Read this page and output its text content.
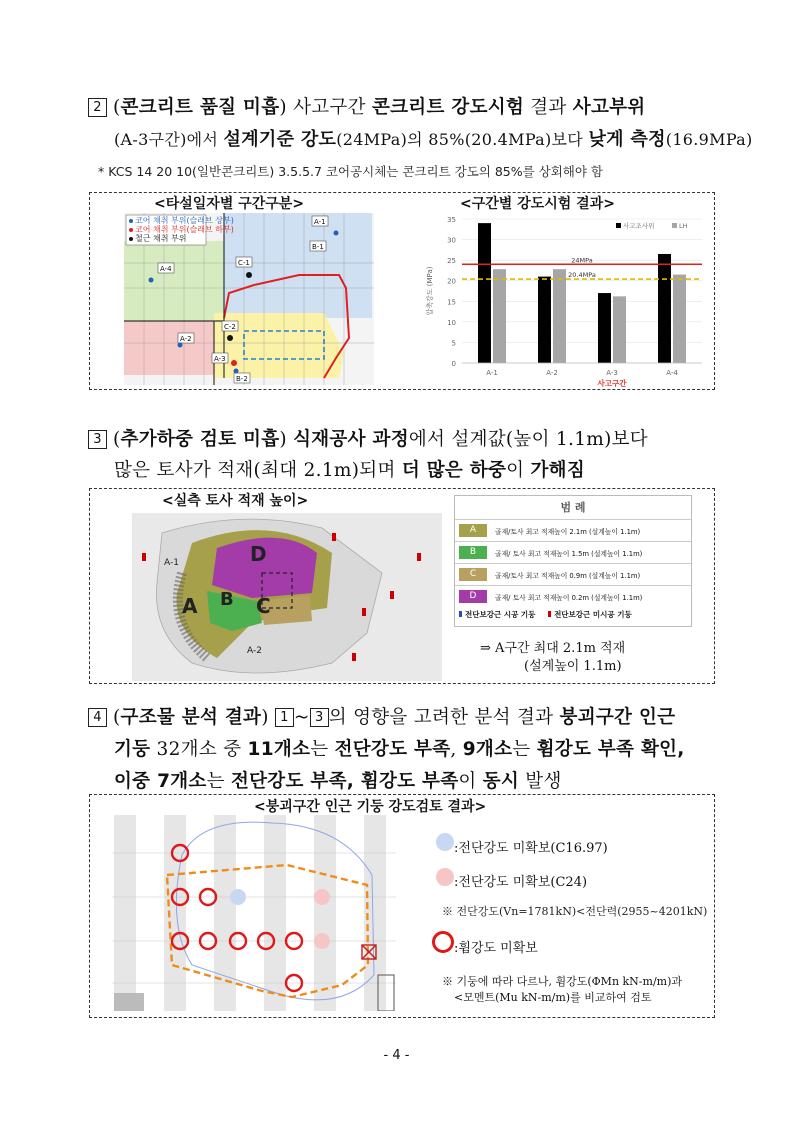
2 (콘크리트 품질 미흡) 사고구간 콘크리트 강도시험 결과 사고부위
(A-3구간)에서 설계기준 강도(24MPa)의 85%(20.4MPa)보다 낮게 측정(16.9MPa)
* KCS 14 20 10(일반콘크리트) 3.5.5.7 코어공시체는 콘크리트 강도의 85%를 상회해야 함
<타설일자별 구간구분>	<구간별 강도시험 결과>
코어 채취 부위(슬래브 상부)
코어 채취 부위(슬래브 하부)
철근 채취 부위
A-1
B-1
A-4
C-1
A-2
C-2
A-3
B-2
0
5
10
15
20
25
30
35
압축강도 (MPa)
A-1	A-2	A-3	A-4
24MPa
20.4MPa
사고조사위	LH
사고구간
3 (추가하중 검토 미흡) 식재공사 과정에서 설계값(높이 1.1m)보다
많은 토사가 적재(최대 2.1m)되며 더 많은 하중이 가해짐
<실측 토사 적재 높이>
D
A B C
A-1
A-2
범 례
A	골재/토사 최고 적재높이 2.1m (설계높이 1.1m)
B	골재/ 토사 최고 적재높이 1.5m (설계높이 1.1m)
C	골재/토사 최고 적재높이 0.9m (설계높이 1.1m)
D	골재/ 토사 최고 적재높이 0.2m (설계높이 1.1m)
전단보강근 시공 기둥 전단보강근 미시공 기둥
⇒ A구간 최대 2.1m 적재
(설계높이 1.1m)
4 (구조물 분석 결과) 1 ~ 3 의 영향을 고려한 분석 결과 붕괴구간 인근
기둥 32개소 중 11개소는 전단강도 부족, 9개소는 휨강도 부족 확인,
이중 7개소는 전단강도 부족, 휨강도 부족이 동시 발생
<붕괴구간 인근 기둥 강도검토 결과>
:전단강도 미확보(C16.97)
:전단강도 미확보(C24)
※ 전단강도(Vn=1781kN)<전단력(2955~4201kN)
:휨강도 미확보
※ 기둥에 따라 다르나, 휨강도(ΦMn kN-m/m)과
<모멘트(Mu kN-m/m)를 비교하여 검토
- 4 -
